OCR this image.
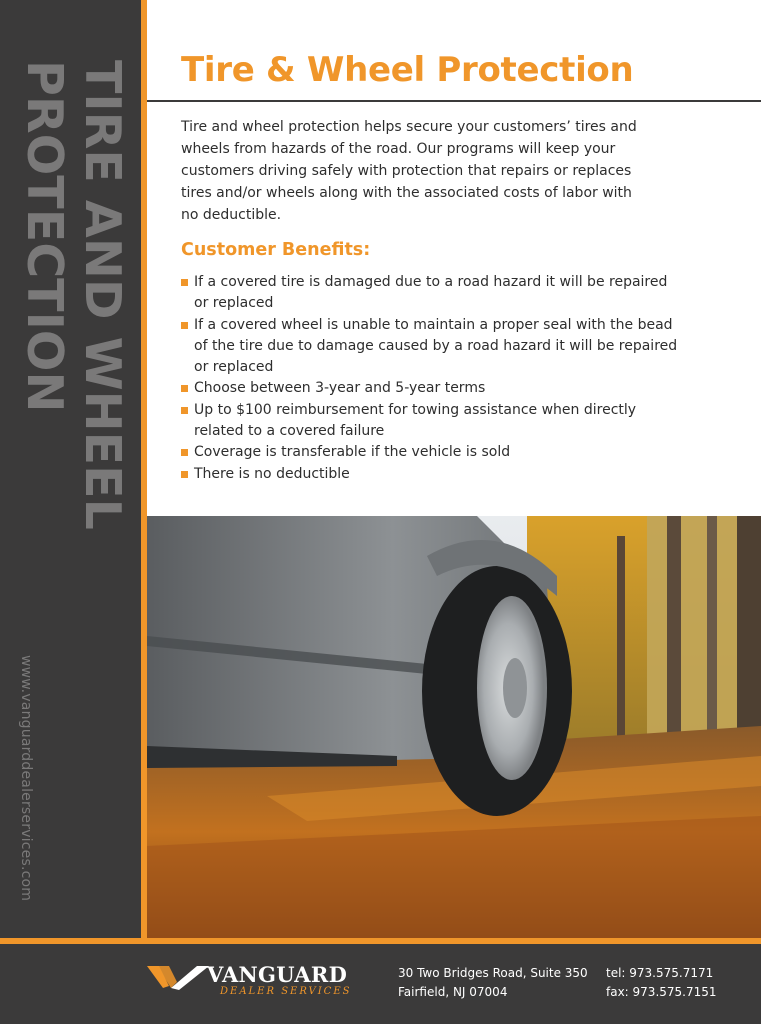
TIRE AND WHEEL
PROTECTION
www.vanguarddealerservices.com
Tire & Wheel Protection

Tire and wheel protection helps secure your customers’ tires and wheels from hazards of the road. Our programs will keep your customers driving safely with protection that repairs or replaces tires and/or wheels along with the associated costs of labor with no deductible.

Customer Benefits:
If a covered tire is damaged due to a road hazard it will be repaired or replaced
If a covered wheel is unable to maintain a proper seal with the bead of the tire due to damage caused by a road hazard it will be repaired or replaced
Choose between 3-year and 5-year terms
Up to $100 reimbursement for towing assistance when directly related to a covered failure
Coverage is transferable if the vehicle is sold
There is no deductible

VANGUARD

DEALER SERVICES

30 Two Bridges Road, Suite 350
Fairfield, NJ 07004

tel: 973.575.7171
fax: 973.575.7151
